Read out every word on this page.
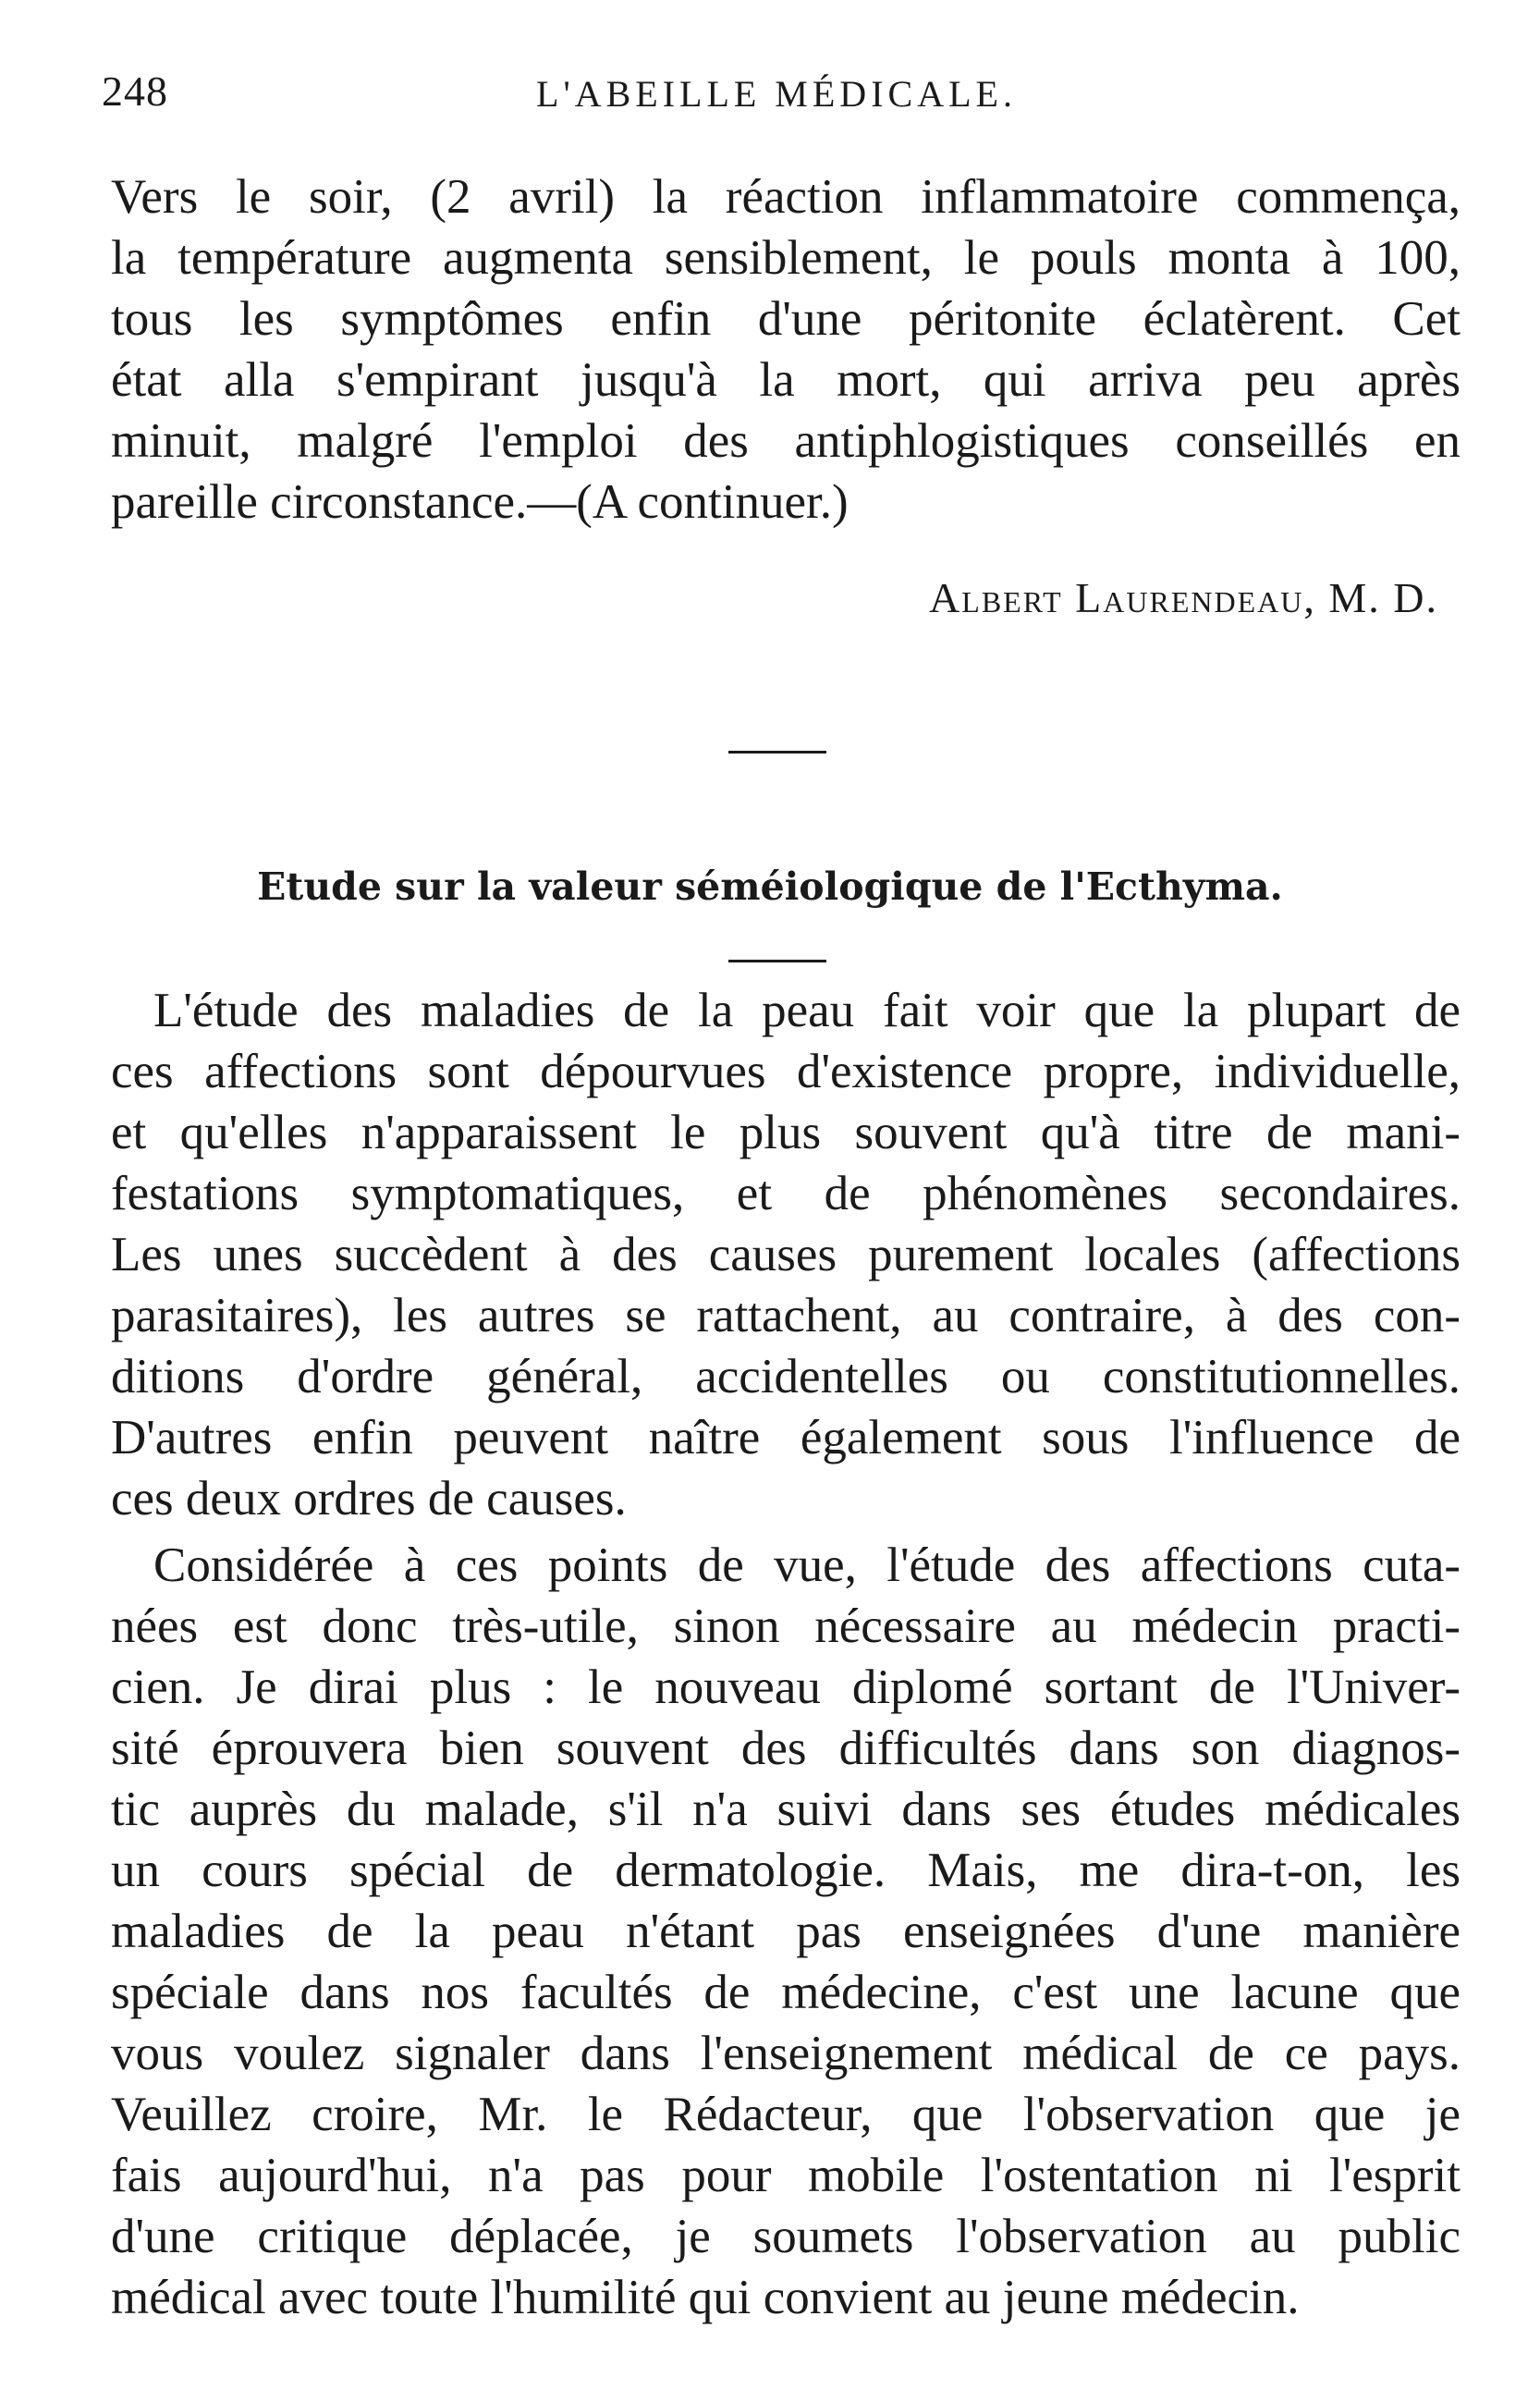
248	L'ABEILLE MÉDICALE.
Vers le soir, (2 avril) la réaction inflammatoire commença,
la température augmenta sensiblement, le pouls monta à 100,
tous les symptômes enfin d'une péritonite éclatèrent. Cet
état alla s'empirant jusqu'à la mort, qui arriva peu après
minuit, malgré l'emploi des antiphlogistiques conseillés en
pareille circonstance.—(A continuer.)
Albert Laurendeau, M. D.
Etude sur la valeur séméiologique de l'Ecthyma.
L'étude des maladies de la peau fait voir que la plupart de
ces affections sont dépourvues d'existence propre, individuelle,
et qu'elles n'apparaissent le plus souvent qu'à titre de mani-
festations symptomatiques, et de phénomènes secondaires.
Les unes succèdent à des causes purement locales (affections
parasitaires), les autres se rattachent, au contraire, à des con-
ditions d'ordre général, accidentelles ou constitutionnelles.
D'autres enfin peuvent naître également sous l'influence de
ces deux ordres de causes.
Considérée à ces points de vue, l'étude des affections cuta-
nées est donc très-utile, sinon nécessaire au médecin practi-
cien. Je dirai plus : le nouveau diplomé sortant de l'Univer-
sité éprouvera bien souvent des difficultés dans son diagnos-
tic auprès du malade, s'il n'a suivi dans ses études médicales
un cours spécial de dermatologie. Mais, me dira-t-on, les
maladies de la peau n'étant pas enseignées d'une manière
spéciale dans nos facultés de médecine, c'est une lacune que
vous voulez signaler dans l'enseignement médical de ce pays.
Veuillez croire, Mr. le Rédacteur, que l'observation que je
fais aujourd'hui, n'a pas pour mobile l'ostentation ni l'esprit
d'une critique déplacée, je soumets l'observation au public
médical avec toute l'humilité qui convient au jeune médecin.
